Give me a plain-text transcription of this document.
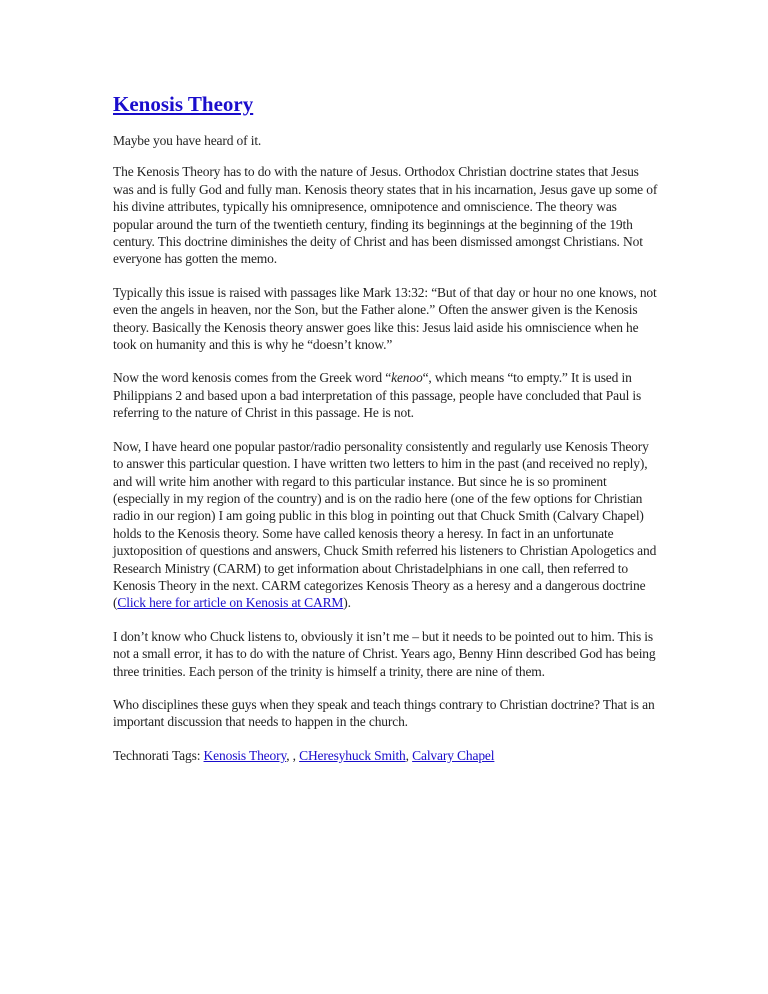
Kenosis Theory

Maybe you have heard of it.

The Kenosis Theory has to do with the nature of Jesus. Orthodox Christian doctrine states that Jesus was and is fully God and fully man. Kenosis theory states that in his incarnation, Jesus gave up some of his divine attributes, typically his omnipresence, omnipotence and omniscience. The theory was popular around the turn of the twentieth century, finding its beginnings at the beginning of the 19th century. This doctrine diminishes the deity of Christ and has been dismissed amongst Christians. Not everyone has gotten the memo.

Typically this issue is raised with passages like Mark 13:32: “But of that day or hour no one knows, not even the angels in heaven, nor the Son, but the Father alone.” Often the answer given is the Kenosis theory. Basically the Kenosis theory answer goes like this: Jesus laid aside his omniscience when he took on humanity and this is why he “doesn’t know.”

Now the word kenosis comes from the Greek word “kenoo“, which means “to empty.” It is used in Philippians 2 and based upon a bad interpretation of this passage, people have concluded that Paul is referring to the nature of Christ in this passage. He is not.

Now, I have heard one popular pastor/radio personality consistently and regularly use Kenosis Theory to answer this particular question. I have written two letters to him in the past (and received no reply), and will write him another with regard to this particular instance. But since he is so prominent (especially in my region of the country) and is on the radio here (one of the few options for Christian radio in our region) I am going public in this blog in pointing out that Chuck Smith (Calvary Chapel) holds to the Kenosis theory. Some have called kenosis theory a heresy. In fact in an unfortunate juxtoposition of questions and answers, Chuck Smith referred his listeners to Christian Apologetics and Research Ministry (CARM) to get information about Christadelphians in one call, then referred to Kenosis Theory in the next. CARM categorizes Kenosis Theory as a heresy and a dangerous doctrine (Click here for article on Kenosis at CARM).

I don’t know who Chuck listens to, obviously it isn’t me – but it needs to be pointed out to him. This is not a small error, it has to do with the nature of Christ. Years ago, Benny Hinn described God has being three trinities. Each person of the trinity is himself a trinity, there are nine of them.

Who disciplines these guys when they speak and teach things contrary to Christian doctrine? That is an important discussion that needs to happen in the church.

Technorati Tags: Kenosis Theory, , CHeresyhuck Smith, Calvary Chapel
